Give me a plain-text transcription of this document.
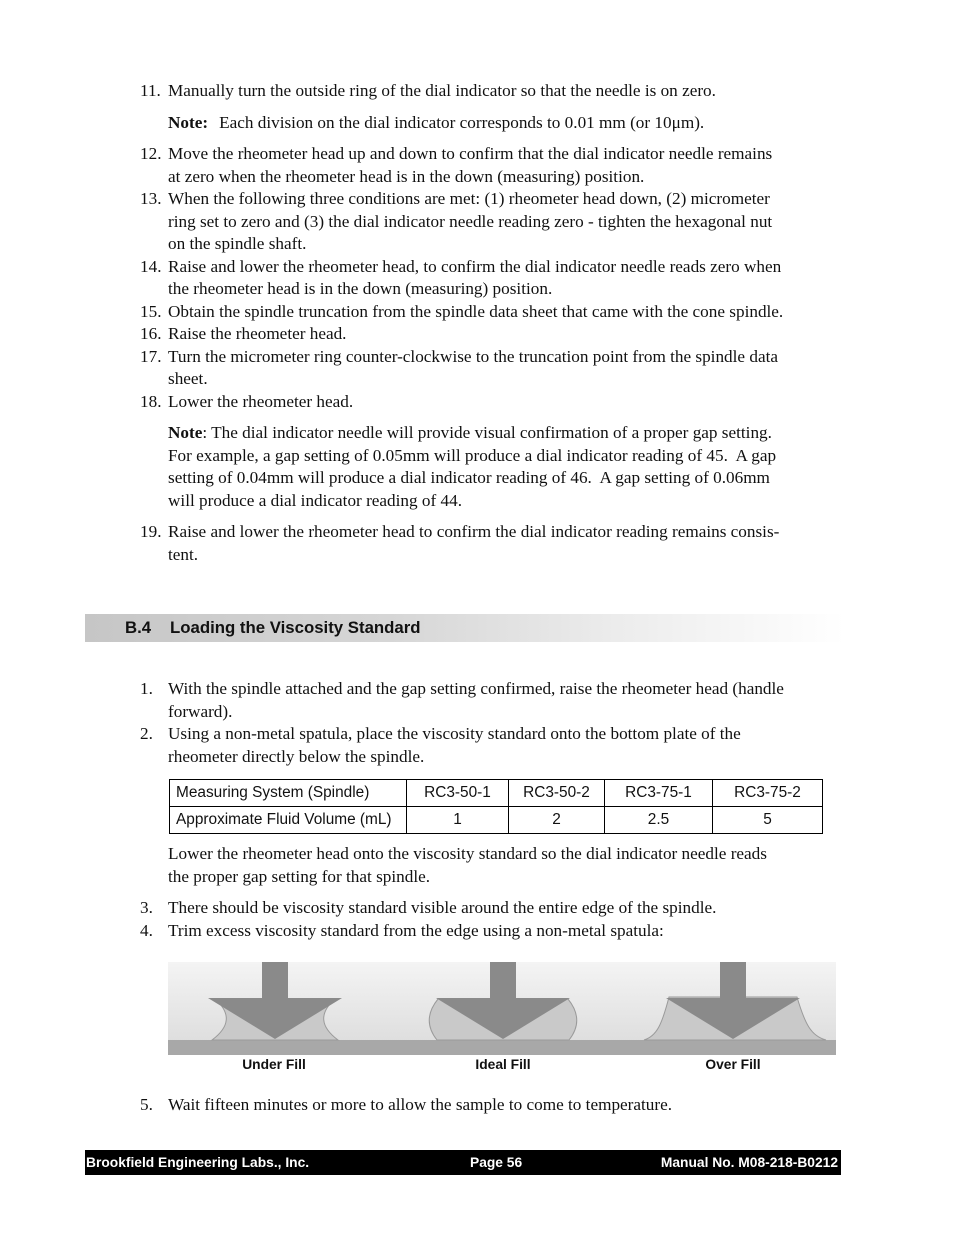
11. Manually turn the outside ring of the dial indicator so that the needle is on zero.
Note: Each division on the dial indicator corresponds to 0.01 mm (or 10μm).
12. Move the rheometer head up and down to confirm that the dial indicator needle remains
at zero when the rheometer head is in the down (measuring) position.
13. When the following three conditions are met: (1) rheometer head down, (2) micrometer
ring set to zero and (3) the dial indicator needle reading zero - tighten the hexagonal nut
on the spindle shaft.
14. Raise and lower the rheometer head, to confirm the dial indicator needle reads zero when
the rheometer head is in the down (measuring) position.
15. Obtain the spindle truncation from the spindle data sheet that came with the cone spindle.
16. Raise the rheometer head.
17. Turn the micrometer ring counter-clockwise to the truncation point from the spindle data
sheet.
18. Lower the rheometer head.
Note: The dial indicator needle will provide visual confirmation of a proper gap setting.
For example, a gap setting of 0.05mm will produce a dial indicator reading of 45.  A gap
setting of 0.04mm will produce a dial indicator reading of 46.  A gap setting of 0.06mm
will produce a dial indicator reading of 44.
19. Raise and lower the rheometer head to confirm the dial indicator reading remains consis-
tent.
B.4 Loading the Viscosity Standard
1. With the spindle attached and the gap setting confirmed, raise the rheometer head (handle
forward).
2. Using a non-metal spatula, place the viscosity standard onto the bottom plate of the
rheometer directly below the spindle.
Measuring System (Spindle)	RC3-50-1	RC3-50-2	RC3-75-1	RC3-75-2
Approximate Fluid Volume (mL)	1	2	2.5	5
Lower the rheometer head onto the viscosity standard so the dial indicator needle reads
the proper gap setting for that spindle.
3. There should be viscosity standard visible around the entire edge of the spindle.
4. Trim excess viscosity standard from the edge using a non-metal spatula:
Under Fill	Ideal Fill	Over Fill
5. Wait fifteen minutes or more to allow the sample to come to temperature.
Brookfield Engineering Labs., Inc.	Page 56	Manual No. M08-218-B0212
